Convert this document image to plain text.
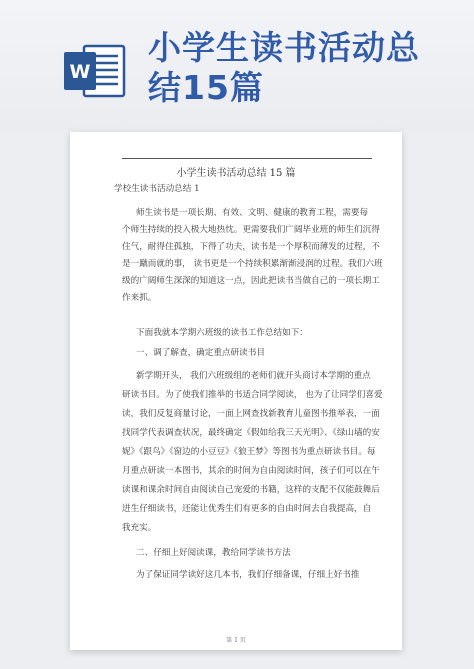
W
小学生读书活动总
结15篇
小学生读书活动总结 15 篇
学校生读书活动总结 1
师生读书是一项长期、有效、文明、健康的教育工程，需要每
个师生持续的投入极大地热忱。更需要我们广阔毕业班的师生们沉得
住气，耐得住孤独，下得了功夫，读书是一个厚积而薄发的过程，不
是一蹴而就的事， 读书更是一个持续积累渐渐浸润的过程。我们六班
级的广阔师生深深的知道这一点，因此把读书当做自己的一项长期工
作来抓。
下面我就本学期六班级的读书工作总结如下：
一、调了解查，确定重点研读书目
新学期开头， 我们六班级组的老师们就开头商讨本学期的重点
研读书目。为了使我们推举的书适合同学阅读， 也为了让同学们喜爱
读，我们反复商量讨论，一面上网查找新教育儿童图书推举表，一面
找同学代表调查状况，最终确定《假如给我三天光明》、《绿山墙的安
妮》《跟鸟》《窗边的小豆豆》《狼王梦》等图书为重点研读书目。每
月重点研读一本图书，其余的时间为自由阅读时间，孩子们可以在午
读课和课余时间自由阅读自己宠爱的书籍，这样的支配不仅能鼓舞后
进生仔细读书，还能让优秀生们有更多的自由时间去自我提高，自
我充实。
二、仔细上好阅读课，教给同学读书方法
为了保证同学读好这几本书，我们仔细备课，仔细上好书推
第 1 页
